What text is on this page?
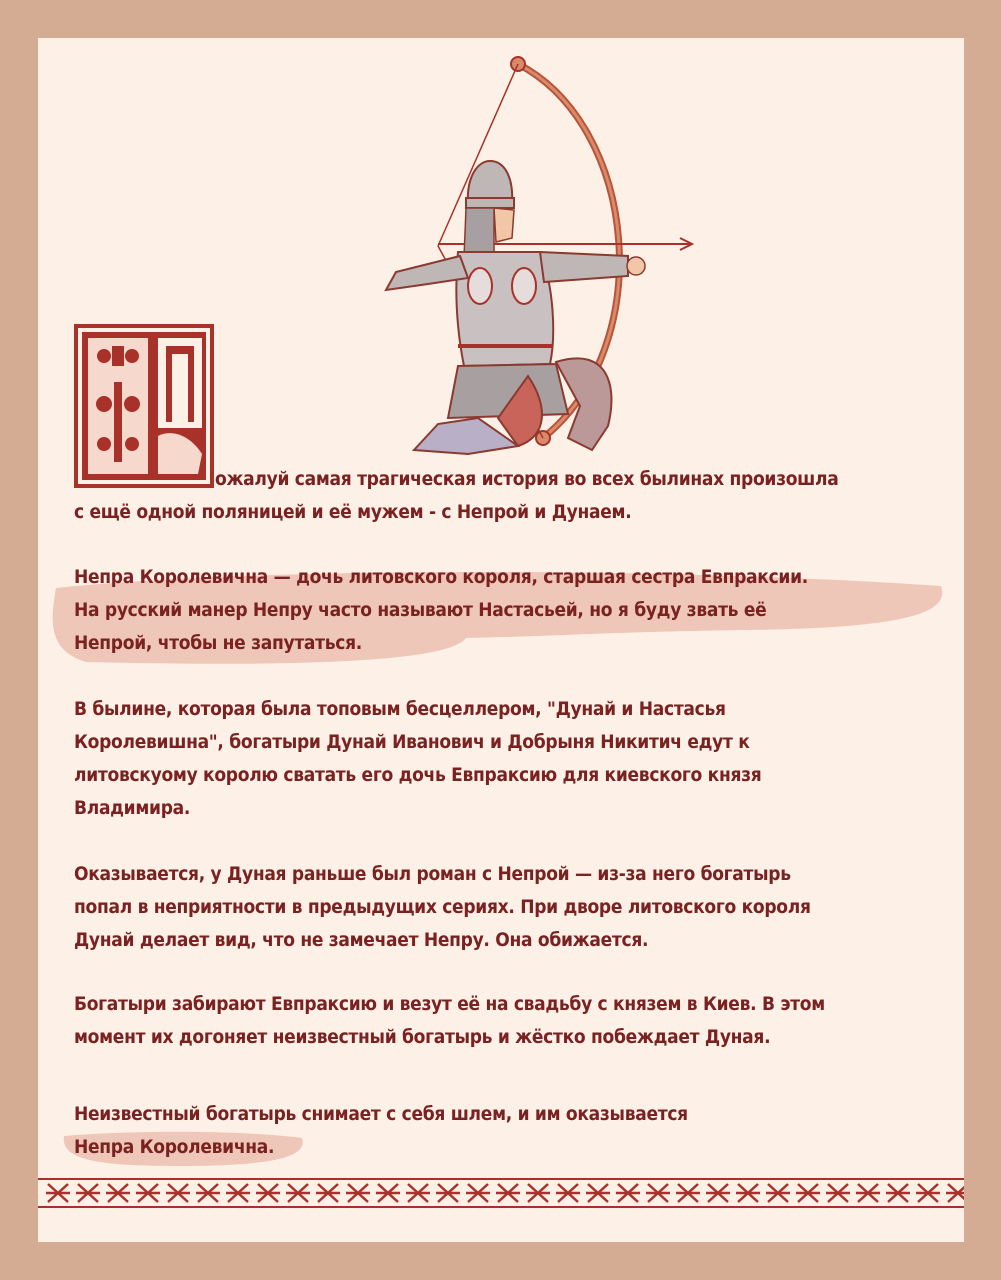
ожалуй самая трагическая история во всех былинах произошла
с ещё одной поляницей и её мужем - с Непрой и Дунаем.
Непра Королевична — дочь литовского короля, старшая сестра Евпраксии.
На русский манер Непру часто называют Настасьей, но я буду звать её
Непрой, чтобы не запутаться.
В былине, которая была топовым бесцеллером, "Дунай и Настасья
Королевишна", богатыри Дунай Иванович и Добрыня Никитич едут к
литовскуому королю сватать его дочь Евпраксию для киевского князя
Владимира.
Оказывается, у Дуная раньше был роман с Непрой — из-за него богатырь
попал в неприятности в предыдущих сериях. При дворе литовского короля
Дунай делает вид, что не замечает Непру. Она обижается.
Богатыри забирают Евпраксию и везут её на свадьбу с князем в Киев. В этом
момент их догоняет неизвестный богатырь и жёстко побеждает Дуная.
Неизвестный богатырь снимает с себя шлем, и им оказывается
Непра Королевична.
